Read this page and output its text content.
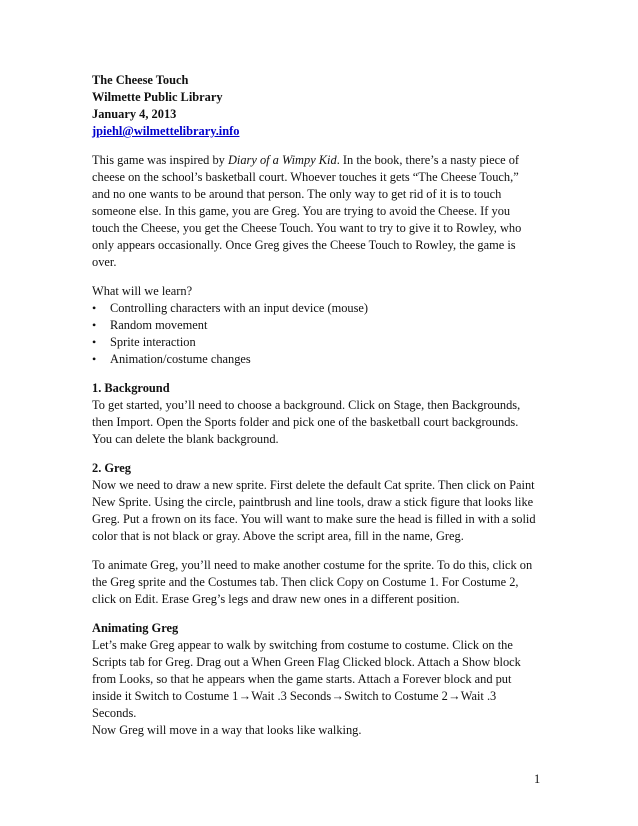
The Cheese Touch
Wilmette Public Library
January 4, 2013
jpiehl@wilmettelibrary.info
This game was inspired by Diary of a Wimpy Kid. In the book, there’s a nasty piece of
cheese on the school’s basketball court. Whoever touches it gets “The Cheese Touch,”
and no one wants to be around that person. The only way to get rid of it is to touch
someone else. In this game, you are Greg. You are trying to avoid the Cheese. If you
touch the Cheese, you get the Cheese Touch. You want to try to give it to Rowley, who
only appears occasionally. Once Greg gives the Cheese Touch to Rowley, the game is
over.
What will we learn?
•	Controlling characters with an input device (mouse)
•	Random movement
•	Sprite interaction
•	Animation/costume changes
1. Background
To get started, you’ll need to choose a background. Click on Stage, then Backgrounds,
then Import. Open the Sports folder and pick one of the basketball court backgrounds.
You can delete the blank background.
2. Greg
Now we need to draw a new sprite. First delete the default Cat sprite. Then click on Paint
New Sprite. Using the circle, paintbrush and line tools, draw a stick figure that looks like
Greg. Put a frown on its face. You will want to make sure the head is filled in with a solid
color that is not black or gray. Above the script area, fill in the name, Greg.
To animate Greg, you’ll need to make another costume for the sprite. To do this, click on
the Greg sprite and the Costumes tab. Then click Copy on Costume 1. For Costume 2,
click on Edit. Erase Greg’s legs and draw new ones in a different position.
Animating Greg
Let’s make Greg appear to walk by switching from costume to costume. Click on the
Scripts tab for Greg. Drag out a When Green Flag Clicked block. Attach a Show block
from Looks, so that he appears when the game starts. Attach a Forever block and put
inside it Switch to Costume 1→Wait .3 Seconds→Switch to Costume 2→Wait .3
Seconds.
Now Greg will move in a way that looks like walking.
1
